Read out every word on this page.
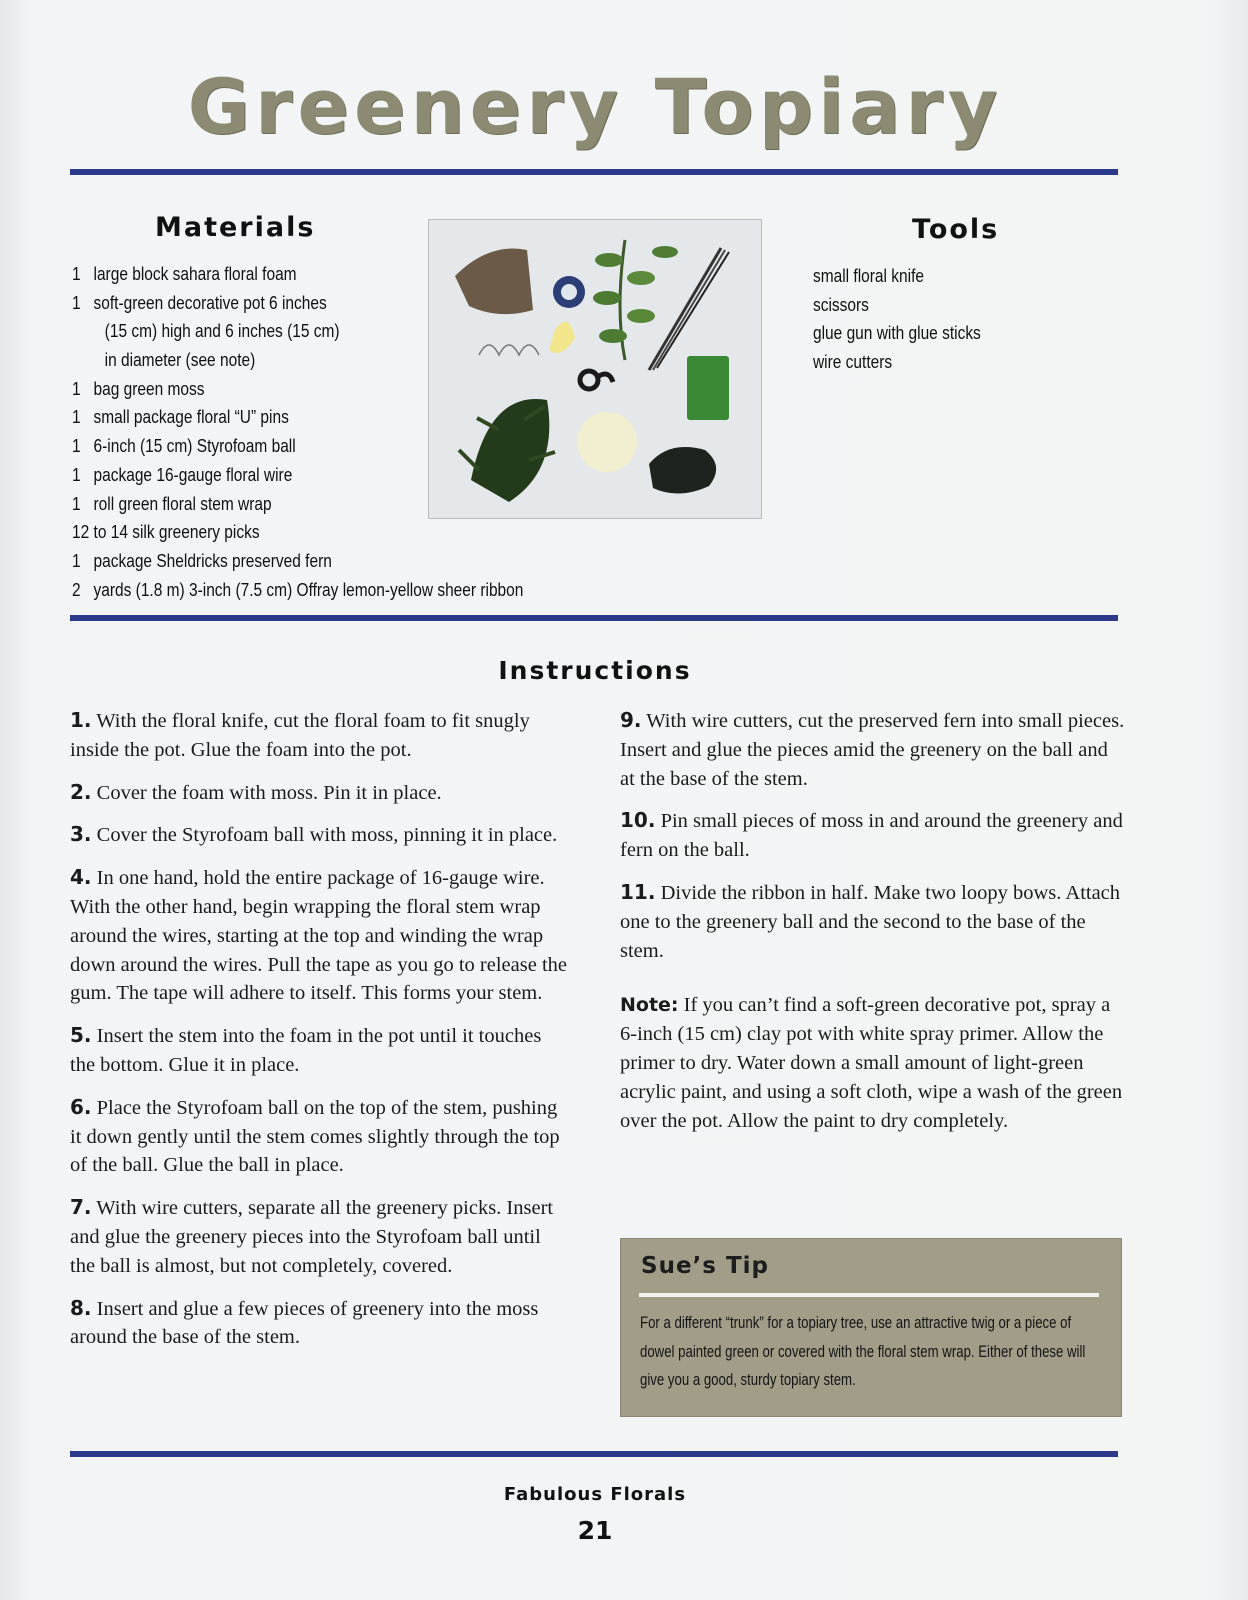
Greenery Topiary
Materials
1 large block sahara floral foam
1 soft-green decorative pot 6 inches
(15 cm) high and 6 inches (15 cm)
in diameter (see note)
1 bag green moss
1 small package floral “U” pins
1 6-inch (15 cm) Styrofoam ball
1 package 16-gauge floral wire
1 roll green floral stem wrap
12 to 14 silk greenery picks
1 package Sheldricks preserved fern
2 yards (1.8 m) 3-inch (7.5 cm) Offray lemon-yellow sheer ribbon
Tools
small floral knife
scissors
glue gun with glue sticks
wire cutters
Instructions

1. With the floral knife, cut the floral foam to fit snugly inside the pot. Glue the foam into the pot.

2. Cover the foam with moss. Pin it in place.

3. Cover the Styrofoam ball with moss, pinning it in place.

4. In one hand, hold the entire package of 16-gauge wire. With the other hand, begin wrapping the floral stem wrap around the wires, starting at the top and winding the wrap down around the wires. Pull the tape as you go to release the gum. The tape will adhere to itself. This forms your stem.

5. Insert the stem into the foam in the pot until it touches the bottom. Glue it in place.

6. Place the Styrofoam ball on the top of the stem, pushing it down gently until the stem comes slightly through the top of the ball. Glue the ball in place.

7. With wire cutters, separate all the greenery picks. Insert and glue the greenery pieces into the Styrofoam ball until the ball is almost, but not completely, covered.

8. Insert and glue a few pieces of greenery into the moss around the base of the stem.

9. With wire cutters, cut the preserved fern into small pieces. Insert and glue the pieces amid the greenery on the ball and at the base of the stem.

10. Pin small pieces of moss in and around the greenery and fern on the ball.

11. Divide the ribbon in half. Make two loopy bows. Attach one to the greenery ball and the second to the base of the stem.

Note: If you can’t find a soft-green decorative pot, spray a 6-inch (15 cm) clay pot with white spray primer. Allow the primer to dry. Water down a small amount of light-green acrylic paint, and using a soft cloth, wipe a wash of the green over the pot. Allow the paint to dry completely.

Sue’s Tip
For a different “trunk” for a topiary tree, use an attractive twig or a piece of dowel painted green or covered with the floral stem wrap. Either of these will give you a good, sturdy topiary stem.
Fabulous Florals
21
